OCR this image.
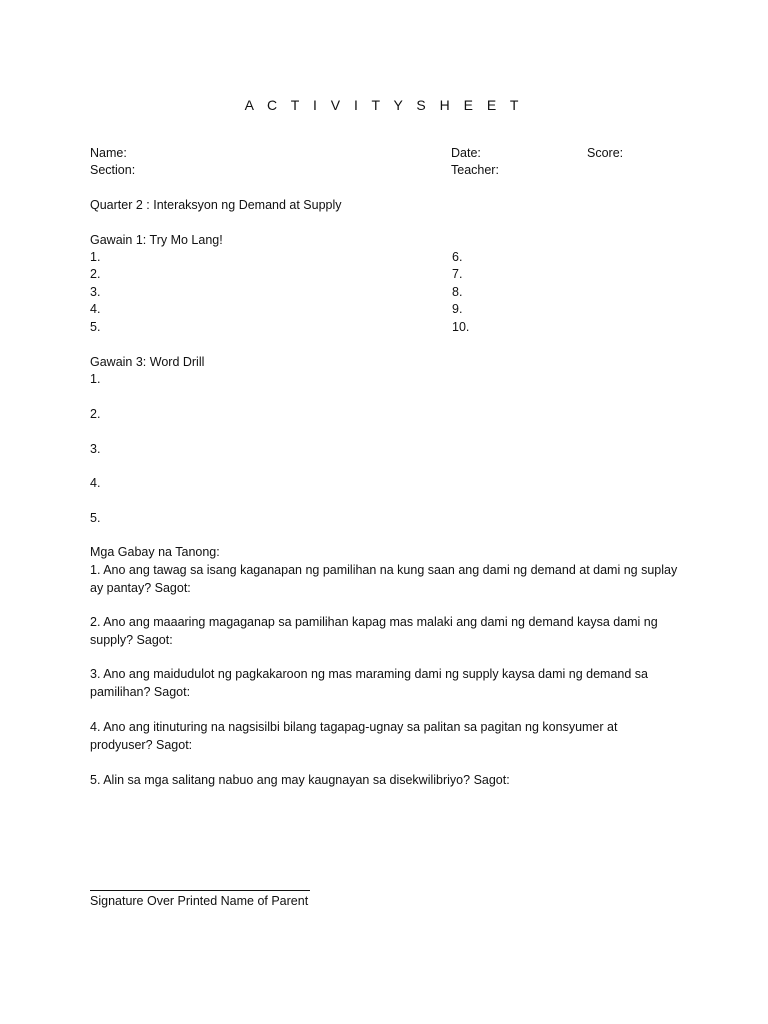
A C T I V I T Y S H E E T
Name:
Section:
Date:
Teacher:
Score:
Quarter 2 : Interaksyon ng Demand at Supply
Gawain 1: Try Mo Lang!
1.
2.
3.
4.
5.
6.
7.
8.
9.
10.
Gawain 3: Word Drill
1.
2.
3.
4.
5.
Mga Gabay na Tanong:
1. Ano ang tawag sa isang kaganapan ng pamilihan na kung saan ang dami ng demand at dami ng suplay ay pantay? Sagot:
2. Ano ang maaaring magaganap sa pamilihan kapag mas malaki ang dami ng demand kaysa dami ng supply? Sagot:
3. Ano ang maidudulot ng pagkakaroon ng mas maraming dami ng supply kaysa dami ng demand sa pamilihan? Sagot:
4. Ano ang itinuturing na nagsisilbi bilang tagapag-ugnay sa palitan sa pagitan ng konsyumer at prodyuser? Sagot:
5. Alin sa mga salitang nabuo ang may kaugnayan sa disekwilibriyo? Sagot:
Signature Over Printed Name of Parent
